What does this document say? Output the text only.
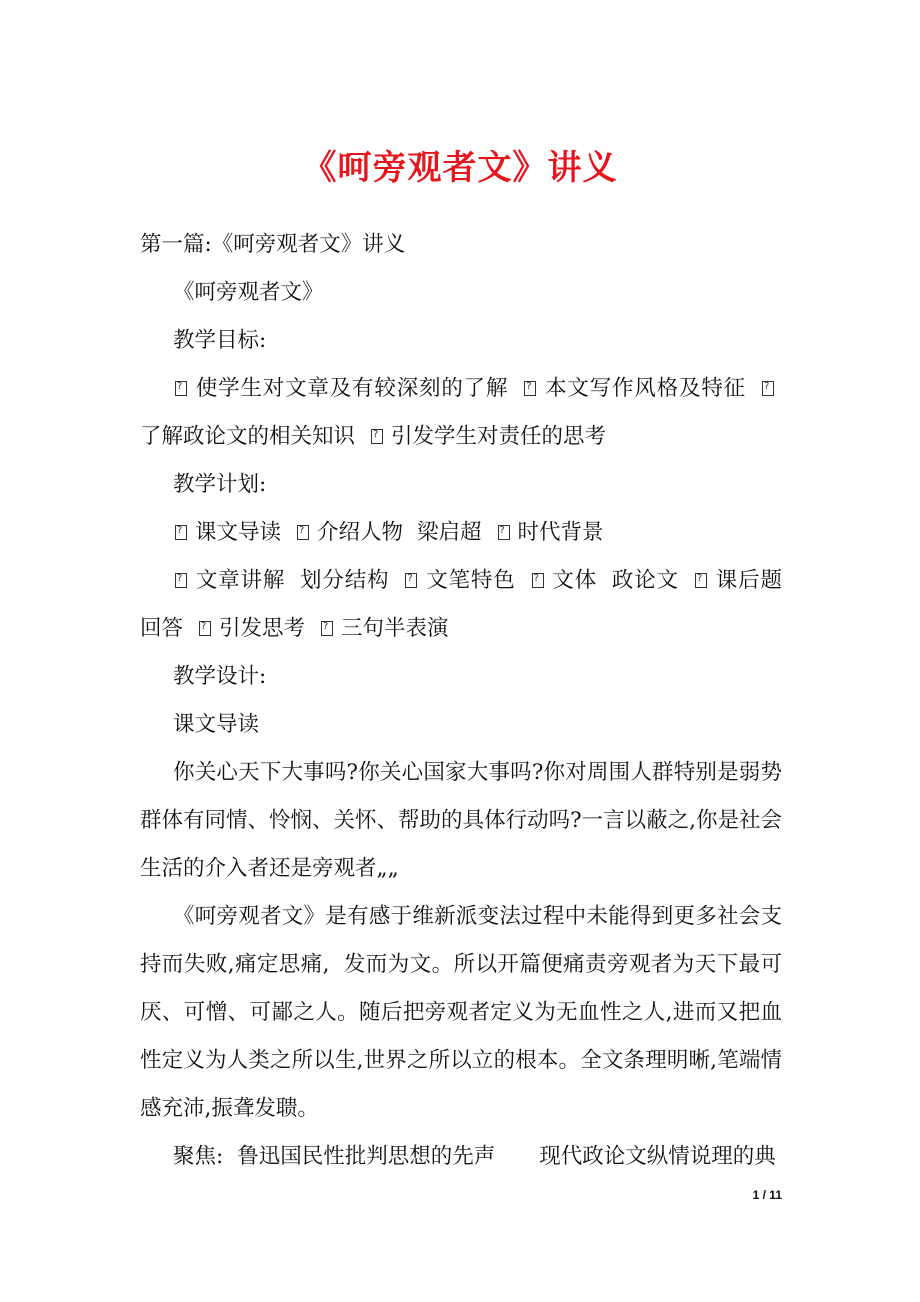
《呵旁观者文》讲义

第一篇:《呵旁观者文》讲义

《呵旁观者文》

教学目标:

?使学生对文章及有较深刻的了解 ? 本文写作风格及特征?了解政论文的相关知识 ? 引发学生对责任的思考

教学计划:

?课文导读 ? 介绍人物 梁启超 ? 时代背景

?文章讲解 划分结构 ? 文笔特色 ? 文体 政论文 ? 课后题回答 ? 引发思考 ? 三句半表演

教学设计:

课文导读

你关心天下大事吗?你关心国家大事吗?你对周围人群特别是弱势群体有同情、怜悯、关怀、帮助的具体行动吗?一言以蔽之,你是社会生活的介入者还是旁观者„„

《呵旁观者文》是有感于维新派变法过程中未能得到更多社会支持而失败,痛定思痛, 发而为文。所以开篇便痛责旁观者为天下最可厌、可憎、可鄙之人。随后把旁观者定义为无血性之人,进而又把血性定义为人类之所以生,世界之所以立的根本。全文条理明晰,笔端情感充沛,振聋发聩。

聚焦: 鲁迅国民性批判思想的先声 现代政论文纵情说理的典

1 / 11
